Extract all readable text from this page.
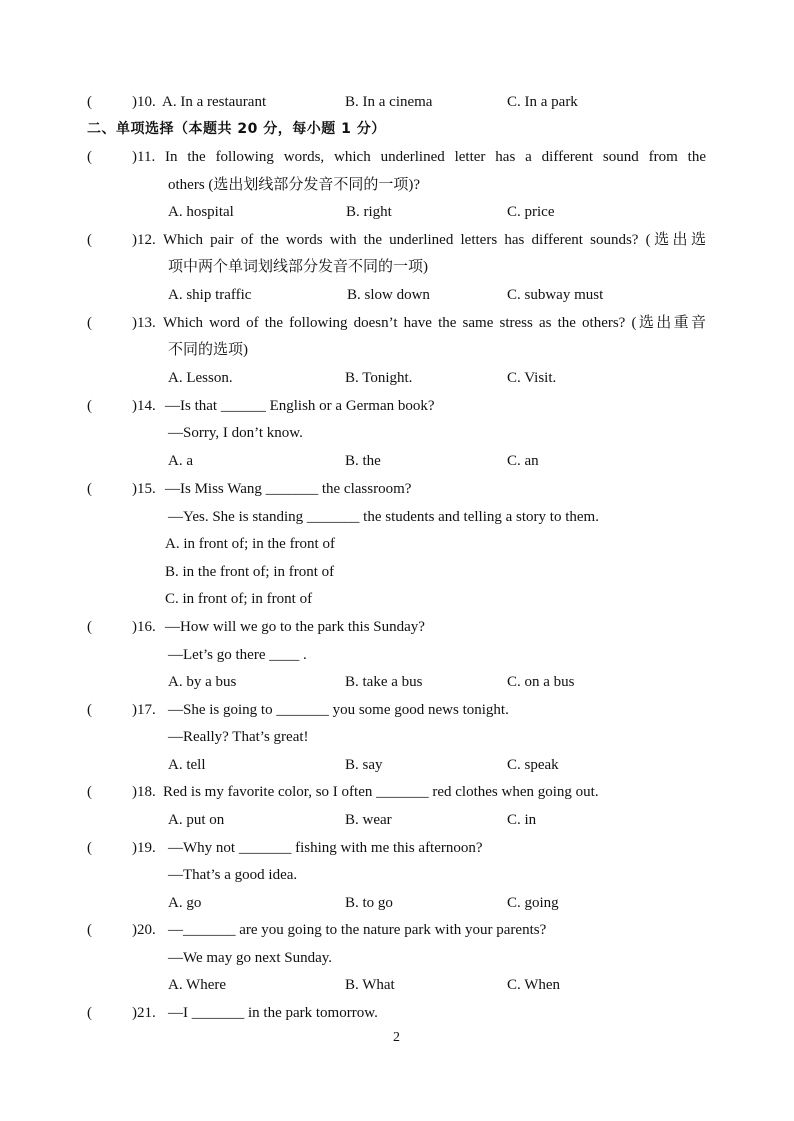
(	)10. A. In a restaurant	B. In a cinema	C. In a park
二、单项选择（本题共 20 分，每小题 1 分）
(	)11. In the following words, which underlined letter has a different sound from the
others (选出划线部分发音不同的一项)?
A. hospital	B. right	C. price
(	)12. Which pair of the words with the underlined letters has different sounds? (选出选
项中两个单词划线部分发音不同的一项)
A. ship traffic	B. slow down	C. subway must
(	)13. Which word of the following doesn’t have the same stress as the others? (选出重音
不同的选项)
A. Lesson.	B. Tonight.	C. Visit.
(	)14. —Is that ______ English or a German book?
—Sorry, I don’t know.
A. a	B. the	C. an
(	)15. —Is Miss Wang _______ the classroom?
—Yes. She is standing _______ the students and telling a story to them.
A. in front of; in the front of
B. in the front of; in front of
C. in front of; in front of
(	)16. —How will we go to the park this Sunday?
—Let’s go there ____ .
A. by a bus	B. take a bus	C. on a bus
(	)17. —She is going to _______ you some good news tonight.
—Really? That’s great!
A. tell	B. say	C. speak
(	)18. Red is my favorite color, so I often _______ red clothes when going out.
A. put on	B. wear	C. in
(	)19. —Why not _______ fishing with me this afternoon?
—That’s a good idea.
A. go	B. to go	C. going
(	)20. —_______ are you going to the nature park with your parents?
—We may go next Sunday.
A. Where	B. What	C. When
(	)21. —I _______ in the park tomorrow.
2
